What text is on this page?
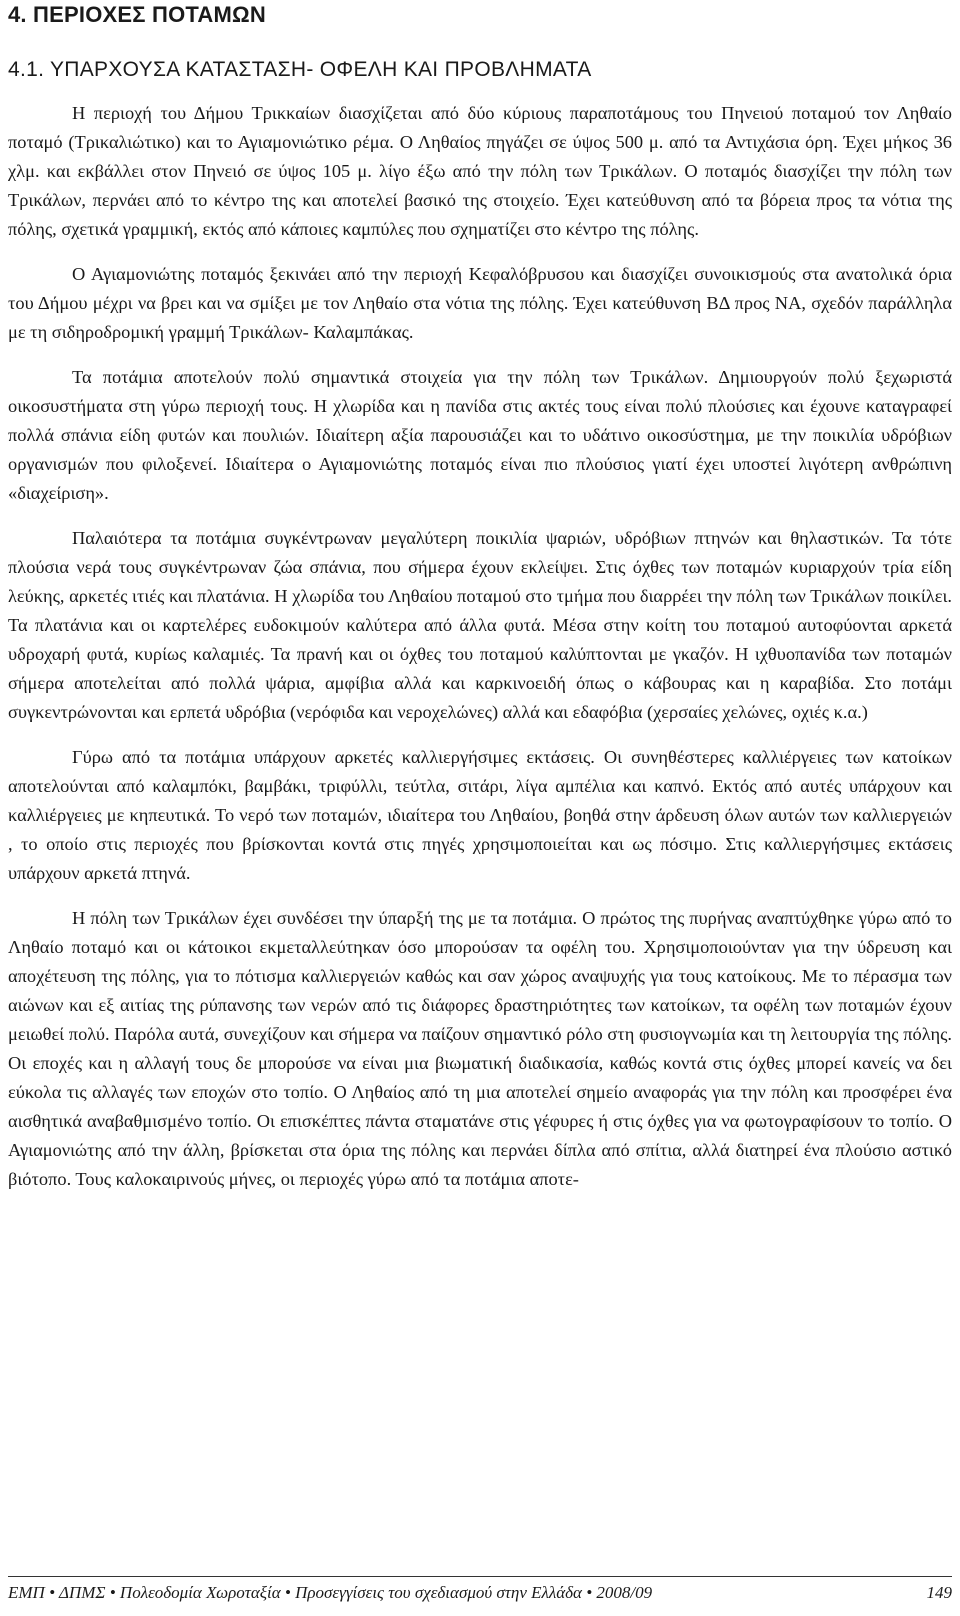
4. ΠΕΡΙΟΧΕΣ ΠΟΤΑΜΩΝ
4.1. ΥΠΑΡΧΟΥΣΑ ΚΑΤΑΣΤΑΣΗ- ΟΦΕΛΗ ΚΑΙ ΠΡΟΒΛΗΜΑΤΑ

Η περιοχή του Δήμου Τρικκαίων διασχίζεται από δύο κύριους παραποτάμους του Πηνειού ποταμού τον Ληθαίο ποταμό (Τρικαλιώτικο) και το Αγιαμονιώτικο ρέμα. Ο Ληθαίος πηγάζει σε ύψος 500 μ. από τα Αντιχάσια όρη. Έχει μήκος 36 χλμ. και εκβάλλει στον Πηνειό σε ύψος 105 μ. λίγο έξω από την πόλη των Τρικάλων. Ο ποταμός διασχίζει την πόλη των Τρικάλων, περνάει από το κέντρο της και αποτελεί βασικό της στοιχείο. Έχει κατεύθυνση από τα βόρεια προς τα νότια της πόλης, σχετικά γραμμική, εκτός από κάποιες καμπύλες που σχηματίζει στο κέντρο της πόλης.

Ο Αγιαμονιώτης ποταμός ξεκινάει από την περιοχή Κεφαλόβρυσου και διασχίζει συνοικισμούς στα ανατολικά όρια του Δήμου μέχρι να βρει και να σμίξει με τον Ληθαίο στα νότια της πόλης. Έχει κατεύθυνση ΒΔ προς ΝΑ, σχεδόν παράλληλα με τη σιδηροδρομική γραμμή Τρικάλων- Καλαμπάκας.

Τα ποτάμια αποτελούν πολύ σημαντικά στοιχεία για την πόλη των Τρικάλων. Δημιουργούν πολύ ξεχωριστά οικοσυστήματα στη γύρω περιοχή τους. Η χλωρίδα και η πανίδα στις ακτές τους είναι πολύ πλούσιες και έχουνε καταγραφεί πολλά σπάνια είδη φυτών και πουλιών. Ιδιαίτερη αξία παρουσιάζει και το υδάτινο οικοσύστημα, με την ποικιλία υδρόβιων οργανισμών που φιλοξενεί. Ιδιαίτερα ο Αγιαμονιώτης ποταμός είναι πιο πλούσιος γιατί έχει υποστεί λιγότερη ανθρώπινη «διαχείριση».

Παλαιότερα τα ποτάμια συγκέντρωναν μεγαλύτερη ποικιλία ψαριών, υδρόβιων πτηνών και θηλαστικών. Τα τότε πλούσια νερά τους συγκέντρωναν ζώα σπάνια, που σήμερα έχουν εκλείψει. Στις όχθες των ποταμών κυριαρχούν τρία είδη λεύκης, αρκετές ιτιές και πλατάνια. Η χλωρίδα του Ληθαίου ποταμού στο τμήμα που διαρρέει την πόλη των Τρικάλων ποικίλει. Τα πλατάνια και οι καρτελέρες ευδοκιμούν καλύτερα από άλλα φυτά. Μέσα στην κοίτη του ποταμού αυτοφύονται αρκετά υδροχαρή φυτά, κυρίως καλαμιές. Τα πρανή και οι όχθες του ποταμού καλύπτονται με γκαζόν. Η ιχθυοπανίδα των ποταμών σήμερα αποτελείται από πολλά ψάρια, αμφίβια αλλά και καρκινοειδή όπως ο κάβουρας και η καραβίδα. Στο ποτάμι συγκεντρώνονται και ερπετά υδρόβια (νερόφιδα και νεροχελώνες) αλλά και εδαφόβια (χερσαίες χελώνες, οχιές κ.α.)

Γύρω από τα ποτάμια υπάρχουν αρκετές καλλιεργήσιμες εκτάσεις. Οι συνηθέστερες καλλιέργειες των κατοίκων αποτελούνται από καλαμπόκι, βαμβάκι, τριφύλλι, τεύτλα, σιτάρι, λίγα αμπέλια και καπνό. Εκτός από αυτές υπάρχουν και καλλιέργειες με κηπευτικά. Το νερό των ποταμών, ιδιαίτερα του Ληθαίου, βοηθά στην άρδευση όλων αυτών των καλλιεργειών , το οποίο στις περιοχές που βρίσκονται κοντά στις πηγές χρησιμοποιείται και ως πόσιμο. Στις καλλιεργήσιμες εκτάσεις υπάρχουν αρκετά πτηνά.

Η πόλη των Τρικάλων έχει συνδέσει την ύπαρξή της με τα ποτάμια. Ο πρώτος της πυρήνας αναπτύχθηκε γύρω από το Ληθαίο ποταμό και οι κάτοικοι εκμεταλλεύτηκαν όσο μπορούσαν τα οφέλη του. Χρησιμοποιούνταν για την ύδρευση και αποχέτευση της πόλης, για το πότισμα καλλιεργειών καθώς και σαν χώρος αναψυχής για τους κατοίκους. Με το πέρασμα των αιώνων και εξ αιτίας της ρύπανσης των νερών από τις διάφορες δραστηριότητες των κατοίκων, τα οφέλη των ποταμών έχουν μειωθεί πολύ. Παρόλα αυτά, συνεχίζουν και σήμερα να παίζουν σημαντικό ρόλο στη φυσιογνωμία και τη λειτουργία της πόλης. Οι εποχές και η αλλαγή τους δε μπορούσε να είναι μια βιωματική διαδικασία, καθώς κοντά στις όχθες μπορεί κανείς να δει εύκολα τις αλλαγές των εποχών στο τοπίο. Ο Ληθαίος από τη μια αποτελεί σημείο αναφοράς για την πόλη και προσφέρει ένα αισθητικά αναβαθμισμένο τοπίο. Οι επισκέπτες πάντα σταματάνε στις γέφυρες ή στις όχθες για να φωτογραφίσουν το τοπίο. Ο Αγιαμονιώτης από την άλλη, βρίσκεται στα όρια της πόλης και περνάει δίπλα από σπίτια, αλλά διατηρεί ένα πλούσιο αστικό βιότοπο. Τους καλοκαιρινούς μήνες, οι περιοχές γύρω από τα ποτάμια αποτε-

ΕΜΠ • ΔΠΜΣ • Πολεοδομία Χωροταξία • Προσεγγίσεις του σχεδιασμού στην Ελλάδα • 2008/09	149
